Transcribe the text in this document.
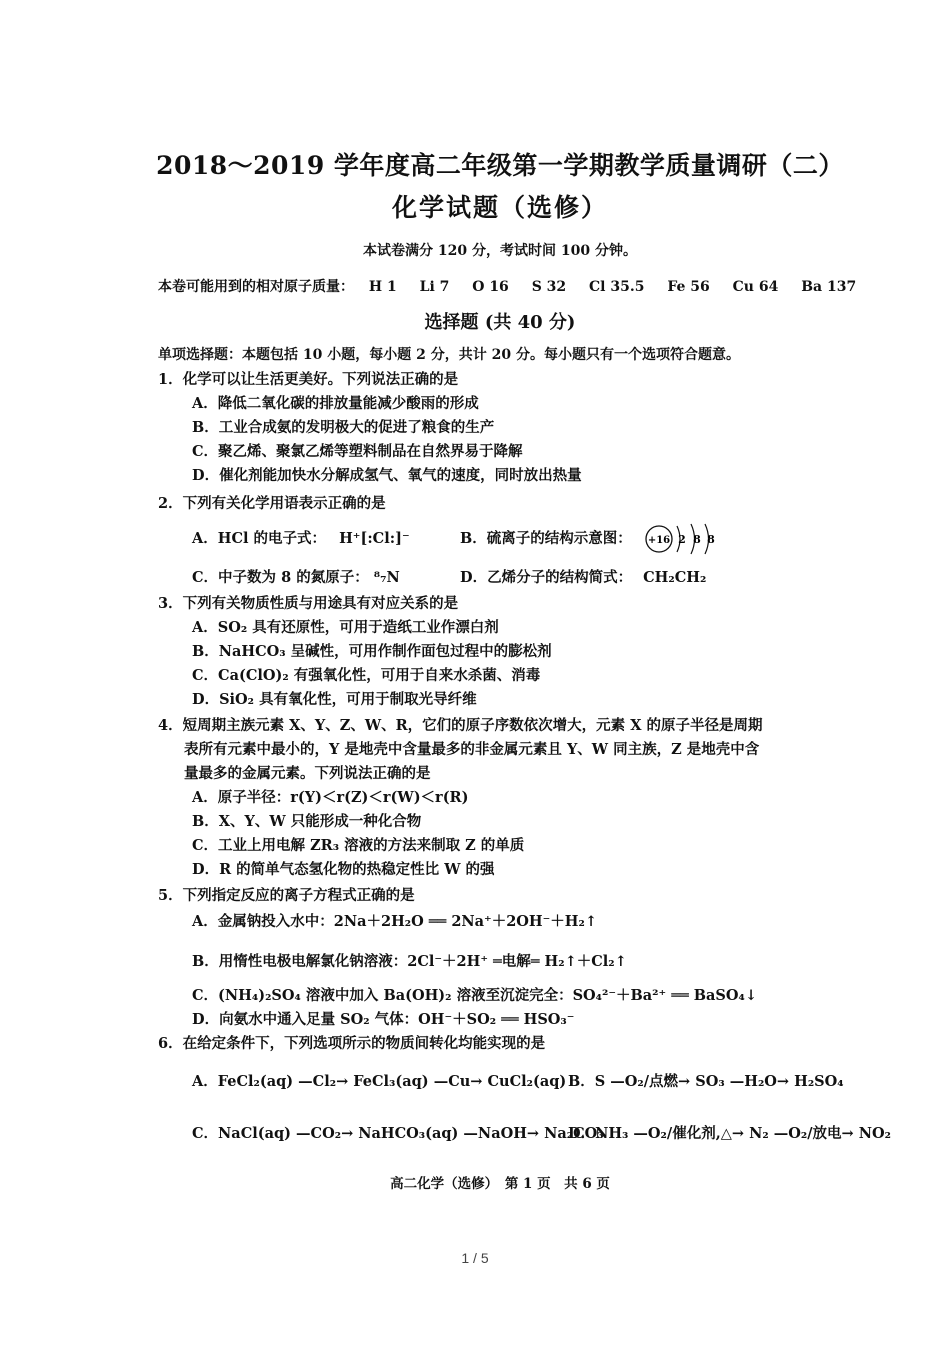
2018～2019 学年度高二年级第一学期教学质量调研（二）
化学试题（选修）
本试卷满分 120 分，考试时间 100 分钟。
本卷可能用到的相对原子质量： H 1 Li 7 O 16 S 32 Cl 35.5 Fe 56 Cu 64 Ba 137
选择题 (共 40 分)
单项选择题：本题包括 10 小题，每小题 2 分，共计 20 分。每小题只有一个选项符合题意。
1．化学可以让生活更美好。下列说法正确的是
A．降低二氧化碳的排放量能减少酸雨的形成
B．工业合成氨的发明极大的促进了粮食的生产
C．聚乙烯、聚氯乙烯等塑料制品在自然界易于降解
D．催化剂能加快水分解成氢气、氧气的速度，同时放出热量
2．下列有关化学用语表示正确的是
A．HCl 的电子式： H⁺[:Cl:]⁻	B．硫离子的结构示意图： +16 2 8 8
C．中子数为 8 的氮原子： ⁸₇N	D．乙烯分子的结构简式： CH₂CH₂
3．下列有关物质性质与用途具有对应关系的是
A．SO₂ 具有还原性，可用于造纸工业作漂白剂
B．NaHCO₃ 呈碱性，可用作制作面包过程中的膨松剂
C．Ca(ClO)₂ 有强氧化性，可用于自来水杀菌、消毒
D．SiO₂ 具有氧化性，可用于制取光导纤维
4．短周期主族元素 X、Y、Z、W、R，它们的原子序数依次增大，元素 X 的原子半径是周期
表所有元素中最小的，Y 是地壳中含量最多的非金属元素且 Y、W 同主族，Z 是地壳中含
量最多的金属元素。下列说法正确的是
A．原子半径：r(Y)＜r(Z)＜r(W)＜r(R)
B．X、Y、W 只能形成一种化合物
C．工业上用电解 ZR₃ 溶液的方法来制取 Z 的单质
D．R 的简单气态氢化物的热稳定性比 W 的强
5．下列指定反应的离子方程式正确的是
A．金属钠投入水中：2Na＋2H₂O ══ 2Na⁺＋2OH⁻＋H₂↑
B．用惰性电极电解氯化钠溶液：2Cl⁻＋2H⁺ ═电解═ H₂↑＋Cl₂↑
C．(NH₄)₂SO₄ 溶液中加入 Ba(OH)₂ 溶液至沉淀完全：SO₄²⁻＋Ba²⁺ ══ BaSO₄↓
D．向氨水中通入足量 SO₂ 气体：OH⁻＋SO₂ ══ HSO₃⁻
6．在给定条件下，下列选项所示的物质间转化均能实现的是
A．FeCl₂(aq) —Cl₂→ FeCl₃(aq) —Cu→ CuCl₂(aq) B．S —O₂/点燃→ SO₃ —H₂O→ H₂SO₄
C．NaCl(aq) —CO₂→ NaHCO₃(aq) —NaOH→ Na₂CO₃
D．NH₃ —O₂/催化剂,△→ N₂ —O₂/放电→ NO₂
高二化学（选修）　第 1 页　共 6 页
1 / 5
